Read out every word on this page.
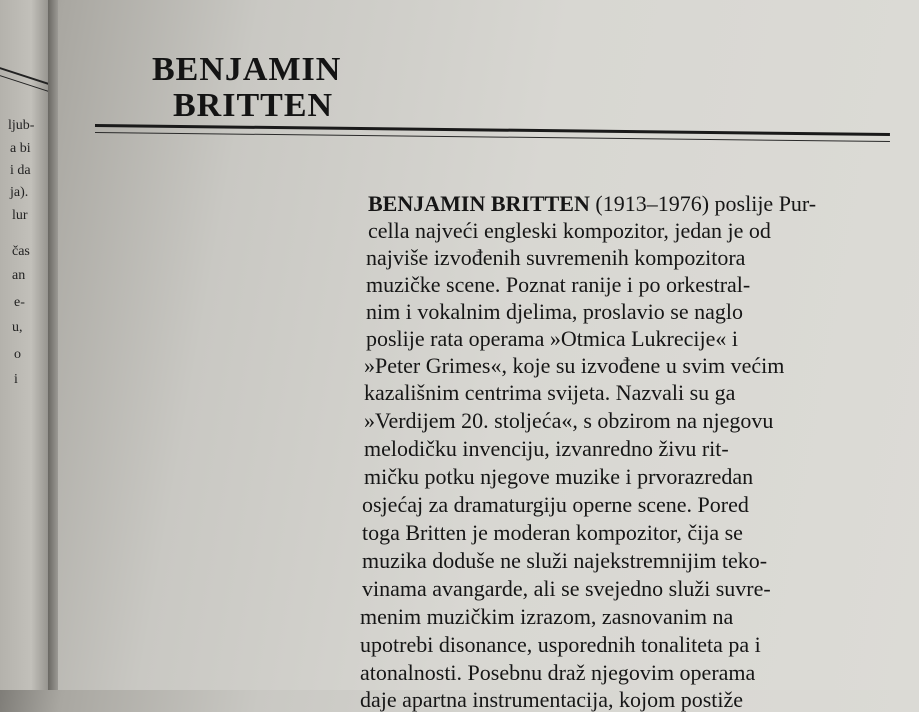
ljub-
a bi
i da
ja).
lur
čas
an
e-
u,
o
i
BENJAMIN
BRITTEN
BENJAMIN BRITTEN (1913–1976) poslije Pur-
cella najveći engleski kompozitor, jedan je od
najviše izvođenih suvremenih kompozitora
muzičke scene. Poznat ranije i po orkestral-
nim i vokalnim djelima, proslavio se naglo
poslije rata operama »Otmica Lukrecije« i
»Peter Grimes«, koje su izvođene u svim većim
kazališnim centrima svijeta. Nazvali su ga
»Verdijem 20. stoljeća«, s obzirom na njegovu
melodičku invenciju, izvanredno živu rit-
mičku potku njegove muzike i prvorazredan
osjećaj za dramaturgiju operne scene. Pored
toga Britten je moderan kompozitor, čija se
muzika doduše ne služi najekstremnijim teko-
vinama avangarde, ali se svejedno služi suvre-
menim muzičkim izrazom, zasnovanim na
upotrebi disonance, usporednih tonaliteta pa i
atonalnosti. Posebnu draž njegovim operama
daje apartna instrumentacija, kojom postiže
